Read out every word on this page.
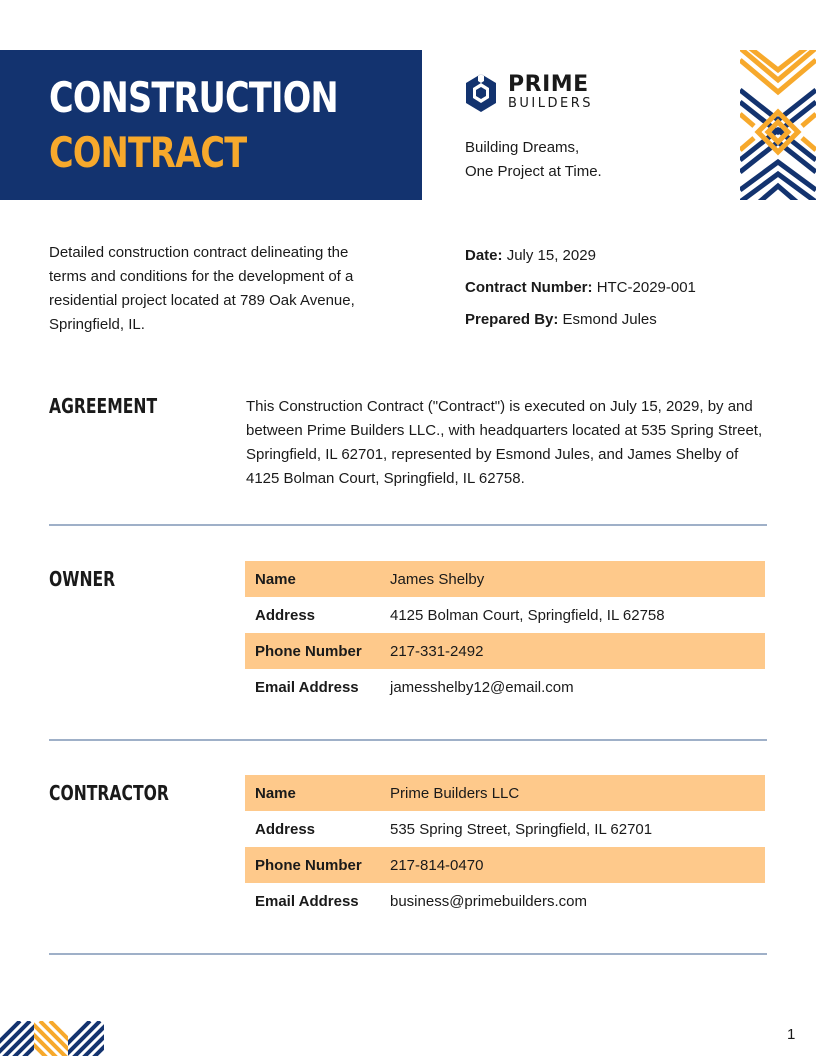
CONSTRUCTION
CONTRACT
PRIME
BUILDERS
Building Dreams,
One Project at Time.
Detailed construction contract delineating the terms and conditions for the development of a residential project located at 789 Oak Avenue, Springfield, IL.
Date: July 15, 2029
Contract Number: HTC-2029-001
Prepared By: Esmond Jules
AGREEMENT	This Construction Contract ("Contract") is executed on July 15, 2029, by and between Prime Builders LLC., with headquarters located at 535 Spring Street, Springfield, IL 62701, represented by Esmond Jules, and James Shelby of 4125 Bolman Court, Springfield, IL 62758.
OWNER	Name	James Shelby
Address	4125 Bolman Court, Springfield, IL 62758
Phone Number	217-331-2492
Email Address	jamesshelby12@email.com
CONTRACTOR	Name	Prime Builders LLC
Address	535 Spring Street, Springfield, IL 62701
Phone Number	217-814-0470
Email Address	business@primebuilders.com
1
